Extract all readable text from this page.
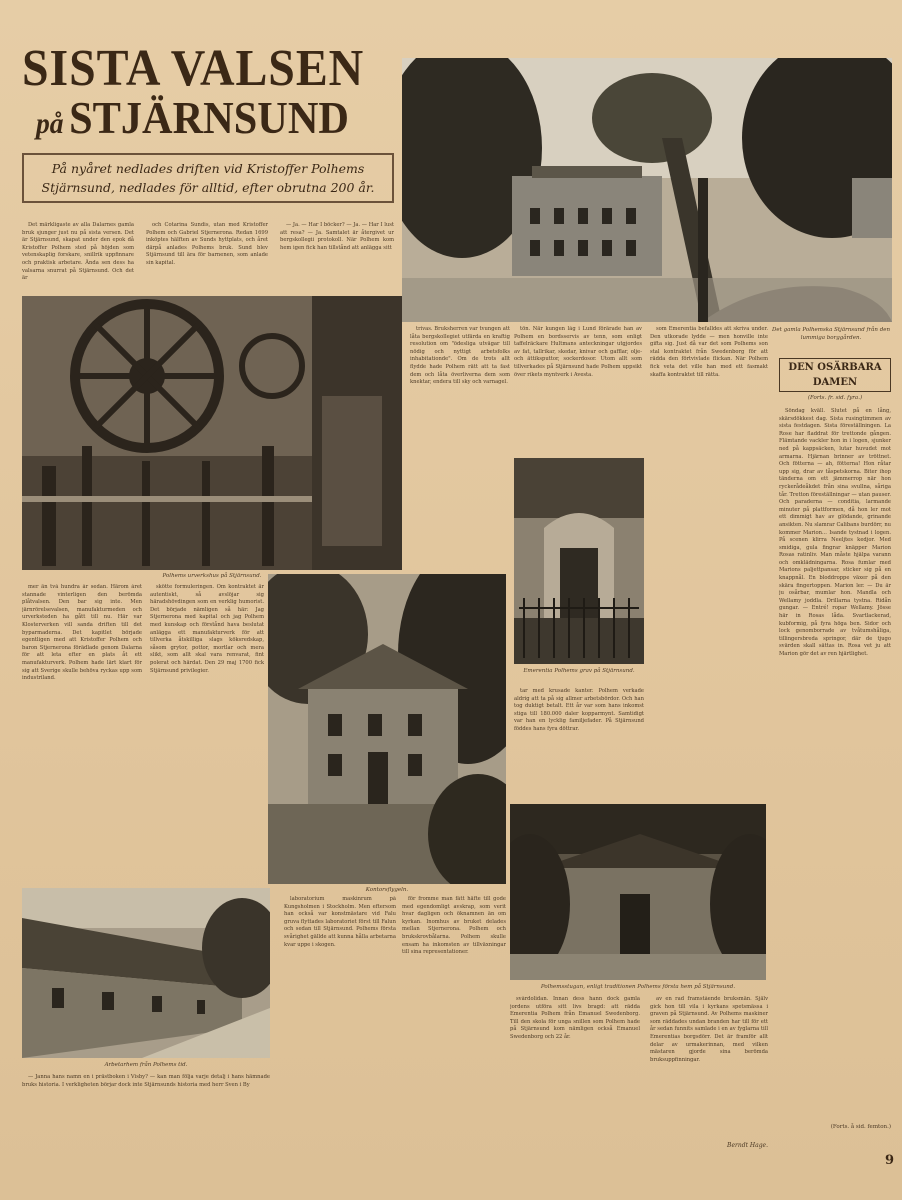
SISTA VALSEN
på STJÄRNSUND
På nyåret nedlades driften vid Kristoffer Polhems Stjärnsund, nedlades för alltid, efter obrutna 200 år.

Det märkligaste av alla Dalarnes gamla bruk sjunger just nu på sista versen. Det är Stjärnsund, skapat under den epok då Kristoffer Polhem sted på höjden som vetenskaplig forskare, snillrik uppfinnare och praktisk arbetare. Ända sen dess ha valsarna snurrat på Stjärnsund. Och det är

och Cotarina Sundis, utan med Kristoffer Polhem och Gabriel Stjernerona. Redan 1699 inköptes hälften av Sunds hyttplats, och året därpå anlades Polhems bruk. Sund blev Stjärnsund till ära för barnenen, som anlade sin kapital.

— Ja. — Har I böcker? — Ja. — Har I lust att resa? — Ja. Samtalet är återgivet ur bergskollegii protokoll. När Polhem kom hem igen fick han tillstånd att anlägga sitt

Det gamla Polhemska Stjärnsund från den lummiga borggården.
Polhems urverkshus på Stjärnsund.

mer än två hundra år sedan. Härom året stannade vinterligen den berömda plåtvalsen. Den bar sig inte. Men järnrörelsevalsen, manufakturmeden och urverksteden ha gått till nu. Här var Klosterverken vill sanda driften till det byparmaderna. Det kapitlet började egentligen med att Kristoffer Polhem och baron Stjernerona förädlade genom Dalarna för att leta efter en plats åt ett manufakturverk. Polhem hade lärt klart för sig att Sverige skulle behöva ryckas upp som industriland.

skötte formuleringen. Om kontraktet är autentiskt, så avslöjar sig häradshövdingen som en verklig humorist. Det började nämligen så här: Jag Stjernerona med kapital och jag Polhem med kunskap och förstånd hava beslutat anlägga ett manufakturverk för att tillverka åtskilliga slags köksredskap, såsom grytor, pottor, mortlar och mera slikt, som allt skal vara renvarat, fint polerat och härdat. Den 29 maj 1700 fick Stjärnsund privilegier.

trivas. Bruksherren var tvungen att låta bergskollegiet utfärda en kraftig resolution om "ödesliga utvägar till nödig och nyttigt arbetsfolks inhabitationde". Om de trots allt flydde hade Polhem rätt att ta fast dem och låta överliverna dem som knektar, endera till sky och varnagel.

tön. När kungen låg i Lund förärade han av Polhem en bordsservis av tenn, som enligt taffelräckare Hultmans anteckningar utgjordes av fat, tallrikar, skedar, knivar och gafflar, olje- och ättiksputtor, sockerdosor. Utom allt som tillverkades på Stjärnsund hade Polhem uppsikt över rikets myntverk i Avesta.

som Emerentia befalldes att skriva under. Den utkorade lydde — men honville inte gifta sig. Just då var det som Polhems son stal kontraktet från Swedenborg för att rädda den förtvivlade flickan. När Polhem fick veta det ville han med ett fasmakt skaffa kontraktet till rätta.

Emerentia Polhems grav på Stjärnsund.

tar med krusade kanter. Polhem verkade aldrig att ta på sig allmer arbetsbördor. Och han tog duktigt betalt. Ett år var som hans inkomst stiga till 180.000 daler kopparmynt. Samtidigt var han en lycklig familjefader. På Stjärnsund föddes hans fyra döttrar.

Kontorsflygeln.
Polhemsstugan, enligt traditionen Polhems första hem på Stjärnsund.
Arbetarhem från Polhems tid.

— Janna hans namn en i prästboken i Visby? — kan man följa varje detalj i hans hämnade bruks historia. I verkligheten börjar dock inte Stjärnsunds historia med herr Sven i By

laboratorium maskinrum på Kungsholmen i Stockholm. Men eftersom han också var konstmästare vid Falu gruva flyttades laboratoriet först till Falun och sedan till Stjärnsund. Polhems första svårighet gällde att kunna hålla arbetarna kvar uppe i skogen.

för fromme man fått häfte till gode med egendomligt avskrap, som verit hvar dagligen och öknamnen än om kyrkan. Inomhus av bruket delades mellan Stjernerona. Polhem och brukskrovbålarna. Polhem skulle ensam ha inkomsten av tillväxningar till sina representationer.

svårdolidan. Innan dess hann dock gamla jordens utföra sitt livs bragd: att rädda Emerentia Polhem från Emanuel Swedenborg. Till den skola för unga snillen som Polhem hade på Stjärnsund kom nämligen också Emanuel Swedenborg och 22 år.

av en rad framstående bruksmän. Själv gick hon till vila i kyrkans spetsmässa i graven på Stjärnsund. Av Polhems maskiner som räddades undan branden har till för ett år sedan funnits samlade i en av fyglarna till Emerentias borgsdörr. Det är framför allt delar av urmakerinnan, med vilken mästaren gjorde sina berömda bruksuppfinningar.

Berndt Hage.
DEN OSÄRBARA DAMEN
(Forts. fr. sid. fyra.)

Söndag kväll. Slutet på en lång, skärsdökkest dag. Sista rusingtimmen av sista festdagen. Sista föreställningen. La Rose har fladdrat för trettonde gången. Flämtande vackler hon in i logen, sjunker ned på kappsäcken, lutar huvudet mot armarna. Hjärnan brinner av tröttnet. Och fötterna — ah, fötterna! Hon råtar upp sig, drar av tåspetskorna. Biter ihop tänderna om ett jämmerrop när hon ryckerådeåkdet från sina svullna, såriga tår. Tretton föreställningar — utan pauser. Och paraderna — conditia, larmande minuter på plattformen, då hon ler mot ett dimmigt hav av glödande, grinande ansikten. Nu slamrar Calibans burdörr, nu kommer Marion... Isande tystnad i logen. På scenen klirra Neeljtes kedjor. Med smidiga, gula fingrar knäpper Marion Rosas ratinliv. Man måste hjälpa varann och omklädningarna. Rosa fumlar med Marions paljettpansar, sticker sig på en knappnål. En bloddroppe växer på den skära fingertoppen. Marion ler. — Du är ju osårbar, mumlar hon. Mandla och Wellamy joddla. Drillarna tystna. Ridån gungar. — Entré! ropar Wellamy. Jösse här in Rosas låda. Svartlackerad, kubformig, på fyra höga ben. Sidor och lock genomborrade av tvåtumshåliga, tillingersbreda springor, där de tjugo svärden skall sättas in. Rosa vet ju att Marion gör det av ren hjärtlighet.

(Forts. å sid. femton.)
9
